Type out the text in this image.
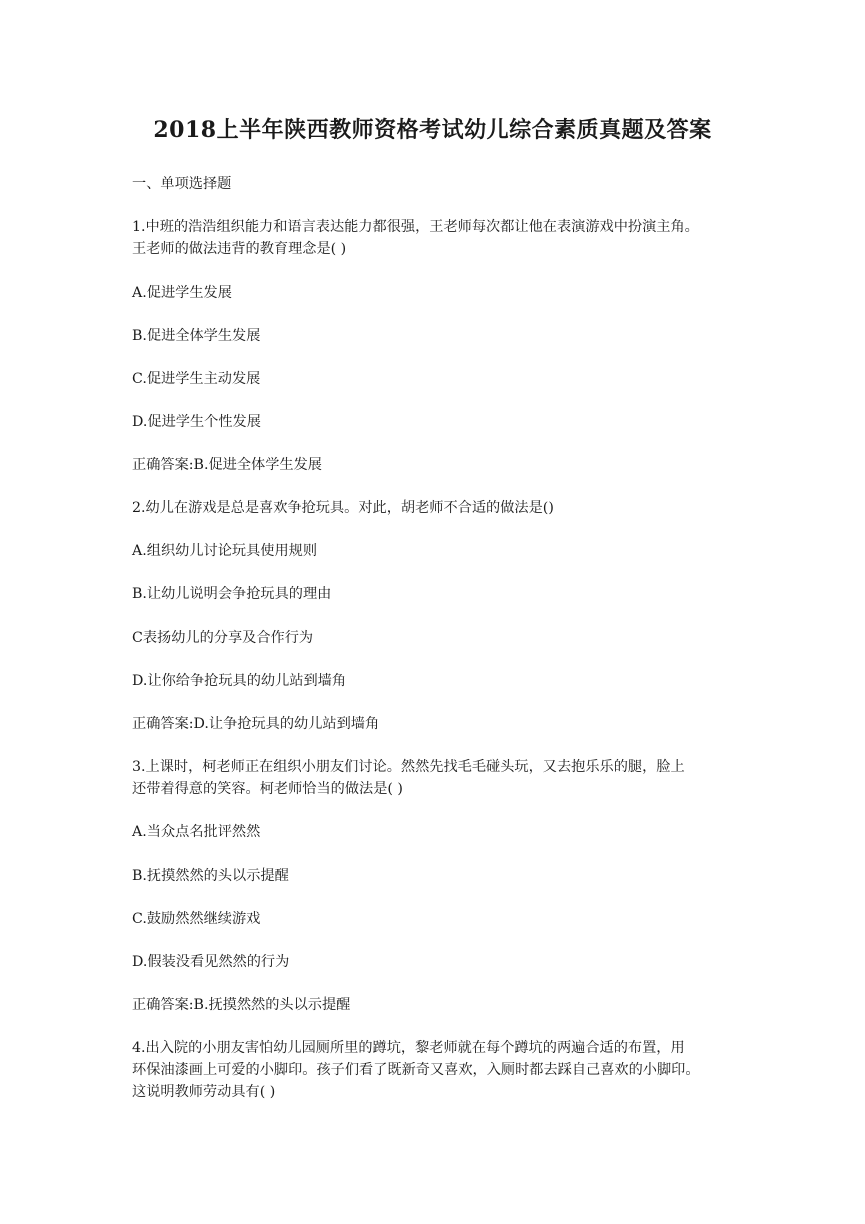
2018上半年陕西教师资格考试幼儿综合素质真题及答案
一、单项选择题
1.中班的浩浩组织能力和语言表达能力都很强，王老师每次都让他在表演游戏中扮演主角。
王老师的做法违背的教育理念是( )
A.促进学生发展
B.促进全体学生发展
C.促进学生主动发展
D.促进学生个性发展
正确答案:B.促进全体学生发展
2.幼儿在游戏是总是喜欢争抢玩具。对此，胡老师不合适的做法是()
A.组织幼儿讨论玩具使用规则
B.让幼儿说明会争抢玩具的理由
C表扬幼儿的分享及合作行为
D.让你给争抢玩具的幼儿站到墙角
正确答案:D.让争抢玩具的幼儿站到墙角
3.上课时，柯老师正在组织小朋友们讨论。然然先找毛毛碰头玩，又去抱乐乐的腿，脸上
还带着得意的笑容。柯老师恰当的做法是( )
A.当众点名批评然然
B.抚摸然然的头以示提醒
C.鼓励然然继续游戏
D.假装没看见然然的行为
正确答案:B.抚摸然然的头以示提醒
4.出入院的小朋友害怕幼儿园厕所里的蹲坑，黎老师就在每个蹲坑的两遍合适的布置，用
环保油漆画上可爱的小脚印。孩子们看了既新奇又喜欢，入厕时都去踩自己喜欢的小脚印。
这说明教师劳动具有( )
